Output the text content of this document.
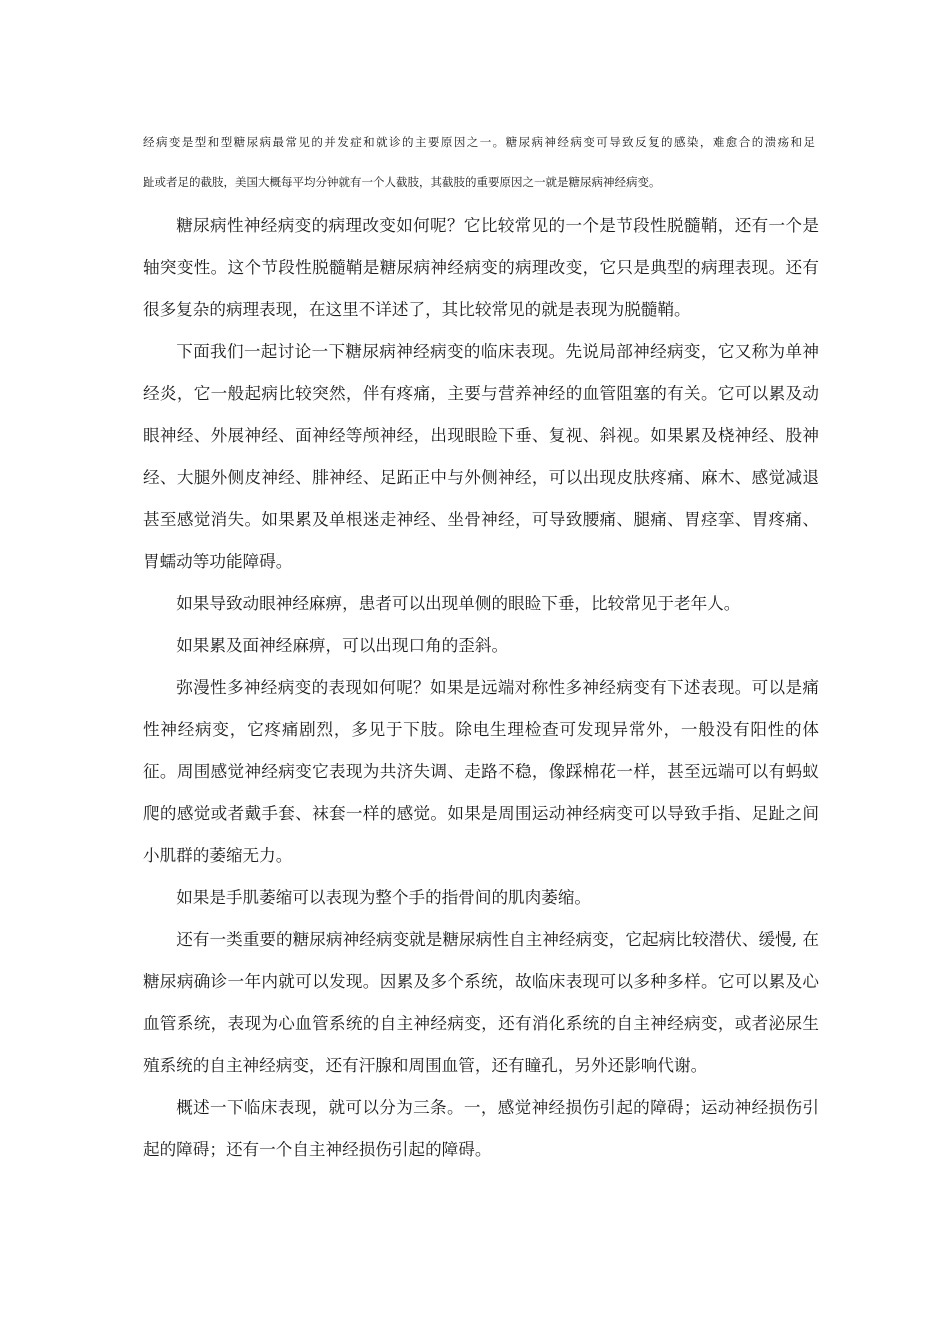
经病变是型和型糖尿病最常见的并发症和就诊的主要原因之一。糖尿病神经病变可导致反复的感染，难愈合的溃疡和足
趾或者足的截肢，美国大概每平均分钟就有一个人截肢，其截肢的重要原因之一就是糖尿病神经病变。

糖尿病性神经病变的病理改变如何呢？它比较常见的一个是节段性脱髓鞘，还有一个是轴突变性。这个节段性脱髓鞘是糖尿病神经病变的病理改变，它只是典型的病理表现。还有很多复杂的病理表现，在这里不详述了，其比较常见的就是表现为脱髓鞘。

下面我们一起讨论一下糖尿病神经病变的临床表现。先说局部神经病变，它又称为单神经炎，它一般起病比较突然，伴有疼痛，主要与营养神经的血管阻塞的有关。它可以累及动眼神经、外展神经、面神经等颅神经，出现眼睑下垂、复视、斜视。如果累及桡神经、股神经、大腿外侧皮神经、腓神经、足跖正中与外侧神经，可以出现皮肤疼痛、麻木、感觉减退甚至感觉消失。如果累及单根迷走神经、坐骨神经，可导致腰痛、腿痛、胃痉挛、胃疼痛、胃蠕动等功能障碍。

如果导致动眼神经麻痹，患者可以出现单侧的眼睑下垂，比较常见于老年人。

如果累及面神经麻痹，可以出现口角的歪斜。

弥漫性多神经病变的表现如何呢？如果是远端对称性多神经病变有下述表现。可以是痛性神经病变，它疼痛剧烈，多见于下肢。除电生理检查可发现异常外，一般没有阳性的体征。周围感觉神经病变它表现为共济失调、走路不稳，像踩棉花一样，甚至远端可以有蚂蚁爬的感觉或者戴手套、袜套一样的感觉。如果是周围运动神经病变可以导致手指、足趾之间小肌群的萎缩无力。

如果是手肌萎缩可以表现为整个手的指骨间的肌肉萎缩。

还有一类重要的糖尿病神经病变就是糖尿病性自主神经病变，它起病比较潜伏、缓慢, 在糖尿病确诊一年内就可以发现。因累及多个系统，故临床表现可以多种多样。它可以累及心血管系统，表现为心血管系统的自主神经病变，还有消化系统的自主神经病变，或者泌尿生殖系统的自主神经病变，还有汗腺和周围血管，还有瞳孔，另外还影响代谢。

概述一下临床表现，就可以分为三条。一，感觉神经损伤引起的障碍；运动神经损伤引起的障碍；还有一个自主神经损伤引起的障碍。
